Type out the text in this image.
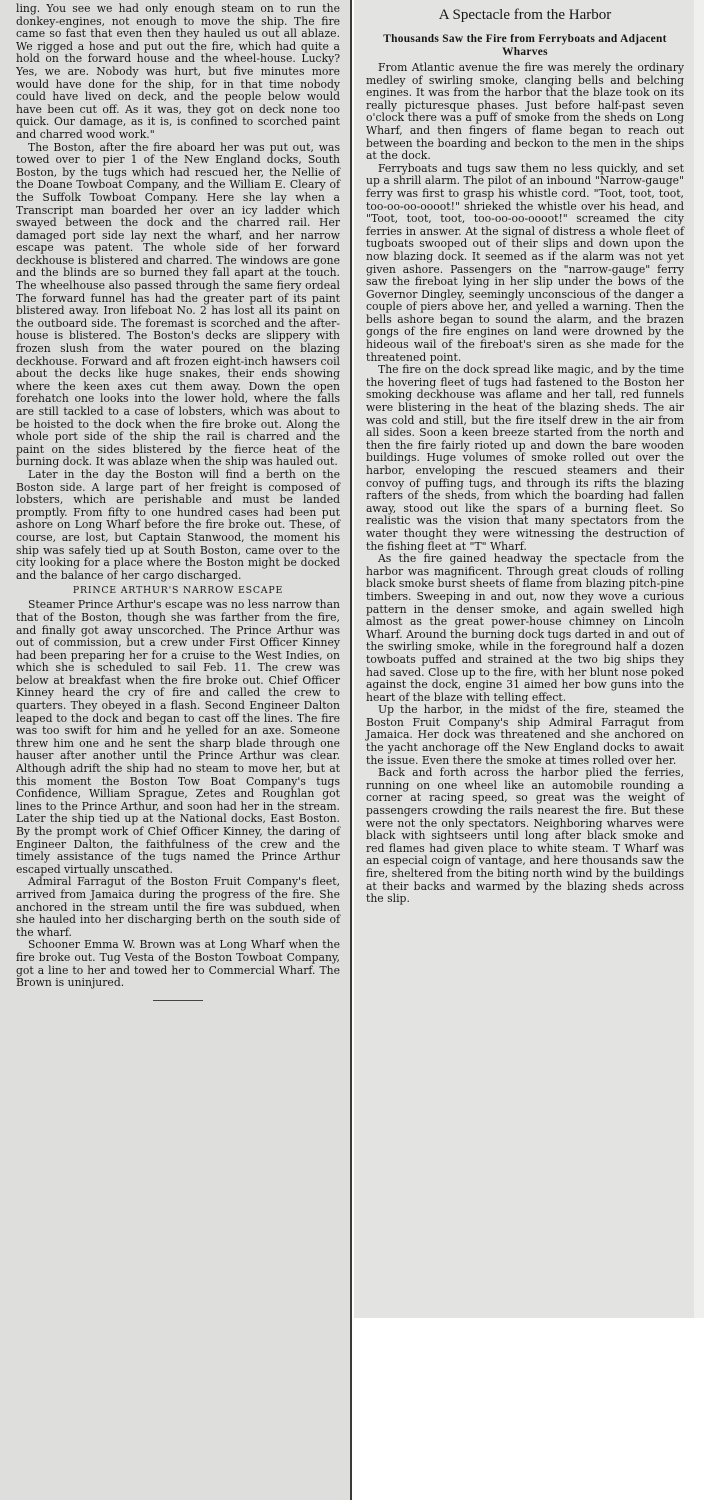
ling. You see we had only enough steam on to run the donkey-engines, not enough to move the ship. The fire came so fast that even then they hauled us out all ablaze. We rigged a hose and put out the fire, which had quite a hold on the forward house and the wheel-house. Lucky? Yes, we are. Nobody was hurt, but five minutes more would have done for the ship, for in that time nobody could have lived on deck, and the people below would have been cut off. As it was, they got on deck none too quick. Our damage, as it is, is confined to scorched paint and charred wood work."

The Boston, after the fire aboard her was put out, was towed over to pier 1 of the New England docks, South Boston, by the tugs which had rescued her, the Nellie of the Doane Towboat Company, and the William E. Cleary of the Suffolk Towboat Company. Here she lay when a Transcript man boarded her over an icy ladder which swayed between the dock and the charred rail. Her damaged port side lay next the wharf, and her narrow escape was patent. The whole side of her forward deckhouse is blistered and charred. The windows are gone and the blinds are so burned they fall apart at the touch. The wheelhouse also passed through the same fiery ordeal The forward funnel has had the greater part of its paint blistered away. Iron lifeboat No. 2 has lost all its paint on the outboard side. The foremast is scorched and the after-house is blistered. The Boston's decks are slippery with frozen slush from the water poured on the blazing deckhouse. Forward and aft frozen eight-inch hawsers coil about the decks like huge snakes, their ends showing where the keen axes cut them away. Down the open forehatch one looks into the lower hold, where the falls are still tackled to a case of lobsters, which was about to be hoisted to the dock when the fire broke out. Along the whole port side of the ship the rail is charred and the paint on the sides blistered by the fierce heat of the burning dock. It was ablaze when the ship was hauled out.

Later in the day the Boston will find a berth on the Boston side. A large part of her freight is composed of lobsters, which are perishable and must be landed promptly. From fifty to one hundred cases had been put ashore on Long Wharf before the fire broke out. These, of course, are lost, but Captain Stanwood, the moment his ship was safely tied up at South Boston, came over to the city looking for a place where the Boston might be docked and the balance of her cargo discharged.

PRINCE ARTHUR'S NARROW ESCAPE

Steamer Prince Arthur's escape was no less narrow than that of the Boston, though she was farther from the fire, and finally got away unscorched. The Prince Arthur was out of commission, but a crew under First Officer Kinney had been preparing her for a cruise to the West Indies, on which she is scheduled to sail Feb. 11. The crew was below at breakfast when the fire broke out. Chief Officer Kinney heard the cry of fire and called the crew to quarters. They obeyed in a flash. Second Engineer Dalton leaped to the dock and began to cast off the lines. The fire was too swift for him and he yelled for an axe. Someone threw him one and he sent the sharp blade through one hauser after another until the Prince Arthur was clear. Although adrift the ship had no steam to move her, but at this moment the Boston Tow Boat Company's tugs Confidence, William Sprague, Zetes and Roughlan got lines to the Prince Arthur, and soon had her in the stream. Later the ship tied up at the National docks, East Boston. By the prompt work of Chief Officer Kinney, the daring of Engineer Dalton, the faithfulness of the crew and the timely assistance of the tugs named the Prince Arthur escaped virtually unscathed.

Admiral Farragut of the Boston Fruit Company's fleet, arrived from Jamaica during the progress of the fire. She anchored in the stream until the fire was subdued, when she hauled into her discharging berth on the south side of the wharf.

Schooner Emma W. Brown was at Long Wharf when the fire broke out. Tug Vesta of the Boston Towboat Company, got a line to her and towed her to Commercial Wharf. The Brown is uninjured.

A Spectacle from the Harbor
Thousands Saw the Fire from Ferryboats and Adjacent Wharves

From Atlantic avenue the fire was merely the ordinary medley of swirling smoke, clanging bells and belching engines. It was from the harbor that the blaze took on its really picturesque phases. Just before half-past seven o'clock there was a puff of smoke from the sheds on Long Wharf, and then fingers of flame began to reach out between the boarding and beckon to the men in the ships at the dock.

Ferryboats and tugs saw them no less quickly, and set up a shrill alarm. The pilot of an inbound "Narrow-gauge" ferry was first to grasp his whistle cord. "Toot, toot, toot, too-oo-oo-oooot!" shrieked the whistle over his head, and "Toot, toot, toot, too-oo-oo-oooot!" screamed the city ferries in answer. At the signal of distress a whole fleet of tugboats swooped out of their slips and down upon the now blazing dock. It seemed as if the alarm was not yet given ashore. Passengers on the "narrow-gauge" ferry saw the fireboat lying in her slip under the bows of the Governor Dingley, seemingly unconscious of the danger a couple of piers above her, and yelled a warning. Then the bells ashore began to sound the alarm, and the brazen gongs of the fire engines on land were drowned by the hideous wail of the fireboat's siren as she made for the threatened point.

The fire on the dock spread like magic, and by the time the hovering fleet of tugs had fastened to the Boston her smoking deckhouse was aflame and her tall, red funnels were blistering in the heat of the blazing sheds. The air was cold and still, but the fire itself drew in the air from all sides. Soon a keen breeze started from the north and then the fire fairly rioted up and down the bare wooden buildings. Huge volumes of smoke rolled out over the harbor, enveloping the rescued steamers and their convoy of puffing tugs, and through its rifts the blazing rafters of the sheds, from which the boarding had fallen away, stood out like the spars of a burning fleet. So realistic was the vision that many spectators from the water thought they were witnessing the destruction of the fishing fleet at "T" Wharf.

As the fire gained headway the spectacle from the harbor was magnificent. Through great clouds of rolling black smoke burst sheets of flame from blazing pitch-pine timbers. Sweeping in and out, now they wove a curious pattern in the denser smoke, and again swelled high almost as the great power-house chimney on Lincoln Wharf. Around the burning dock tugs darted in and out of the swirling smoke, while in the foreground half a dozen towboats puffed and strained at the two big ships they had saved. Close up to the fire, with her blunt nose poked against the dock, engine 31 aimed her bow guns into the heart of the blaze with telling effect.

Up the harbor, in the midst of the fire, steamed the Boston Fruit Company's ship Admiral Farragut from Jamaica. Her dock was threatened and she anchored on the yacht anchorage off the New England docks to await the issue. Even there the smoke at times rolled over her.

Back and forth across the harbor plied the ferries, running on one wheel like an automobile rounding a corner at racing speed, so great was the weight of passengers crowding the rails nearest the fire. But these were not the only spectators. Neighboring wharves were black with sightseers until long after black smoke and red flames had given place to white steam. T Wharf was an especial coign of vantage, and here thousands saw the fire, sheltered from the biting north wind by the buildings at their backs and warmed by the blazing sheds across the slip.
